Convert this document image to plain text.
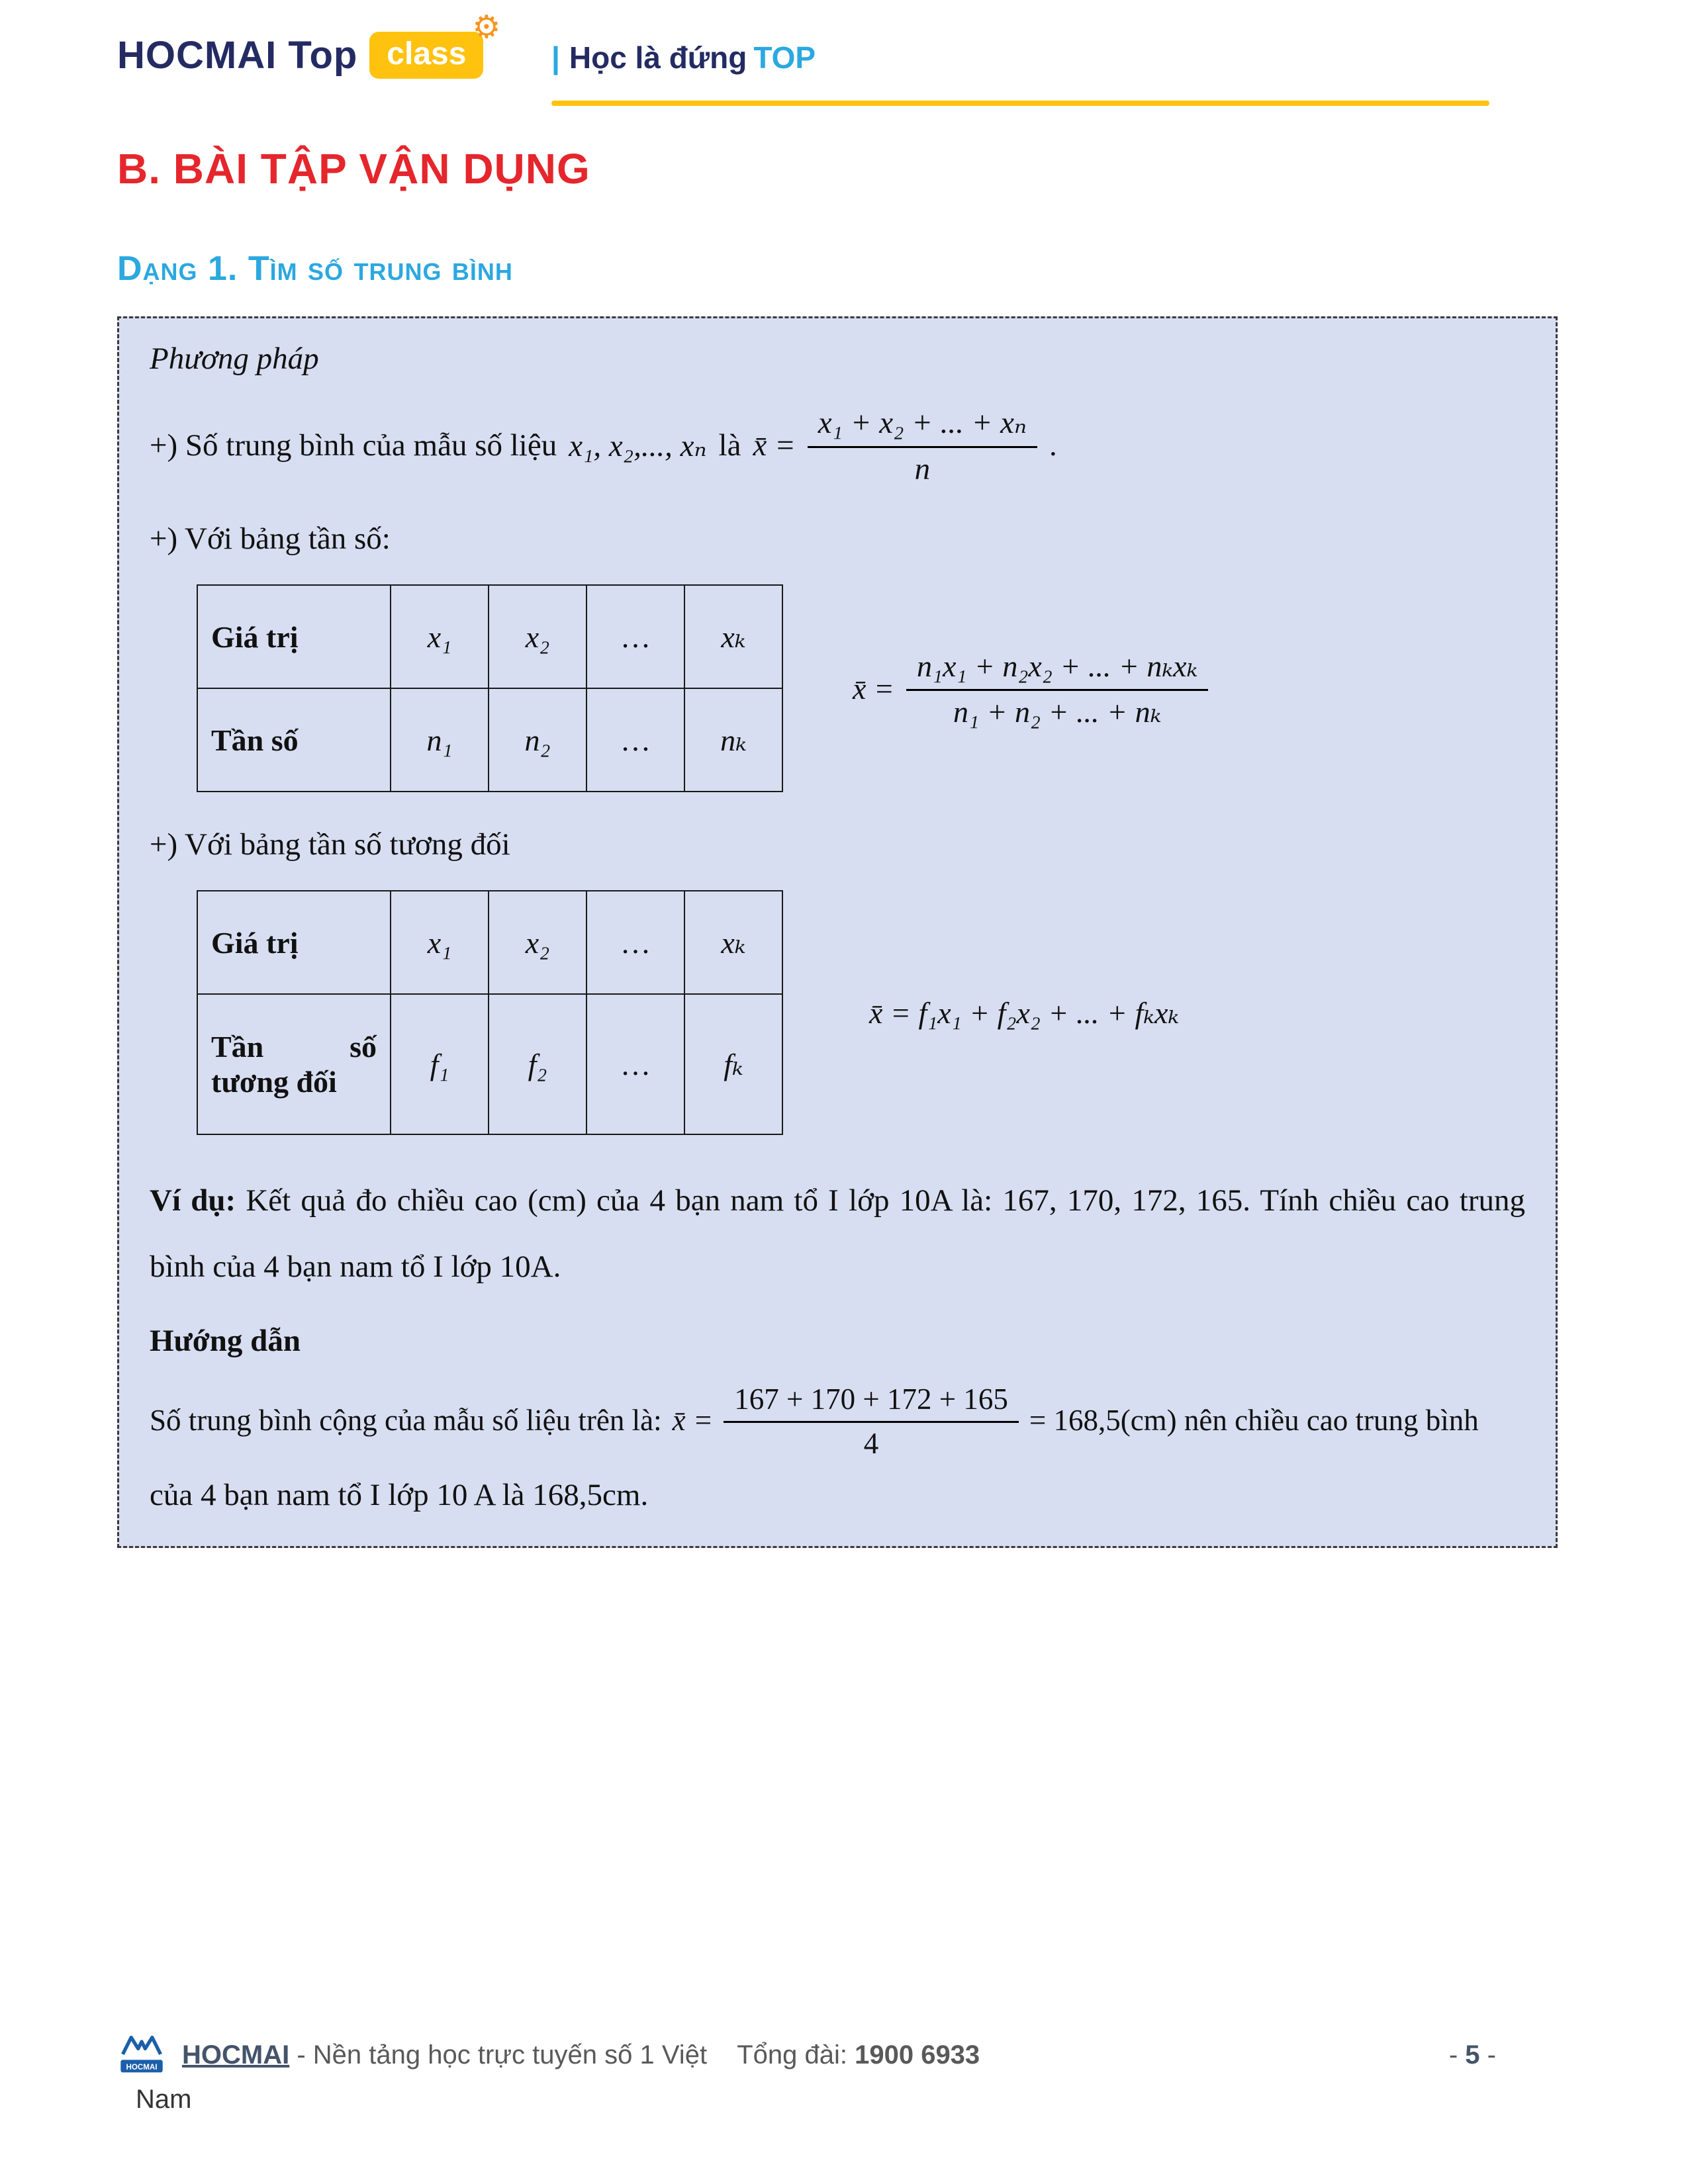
HOCMAI Top class
⚙
| Học là đứng TOP
B. BÀI TẬP VẬN DỤNG
Dạng 1. Tìm số trung bình
Phương pháp
+) Số trung bình của mẫu số liệu x₁, x₂,..., xₙ là x̄ = $\frac{\text{x₁ + x₂ + ... + xₙ}}{n}$ .
+) Với bảng tần số:
Giá trị	x₁	x₂	…	xₖ
Tần số	n₁	n₂	…	nₖ
x̄ = $\frac{\text{n₁x₁ + n₂x₂ + ... + nₖxₖ}}{\text{n₁ + n₂ + ... + nₖ}}$
+) Với bảng tần số tương đối
Giá trị	x₁	x₂	…	xₖ
Tần số tương đối	f₁	f₂	…	fₖ
x̄ = f₁x₁ + f₂x₂ + ... + fₖxₖ

Ví dụ: Kết quả đo chiều cao (cm) của 4 bạn nam tổ I lớp 10A là: 167, 170, 172, 165. Tính chiều cao trung bình của 4 bạn nam tổ I lớp 10A.

Hướng dẫn
Số trung bình cộng của mẫu số liệu trên là: x̄ = $\frac{167 + 170 + 172 + 165}{4} = 168,5(cm)$ nên chiều cao trung bình
của 4 bạn nam tổ I lớp 10 A là 168,5cm.
HOCMAI HOCMAI - Nền tảng học trực tuyến số 1 Việt Tổng đài: 1900 6933	- 5 -
Nam
